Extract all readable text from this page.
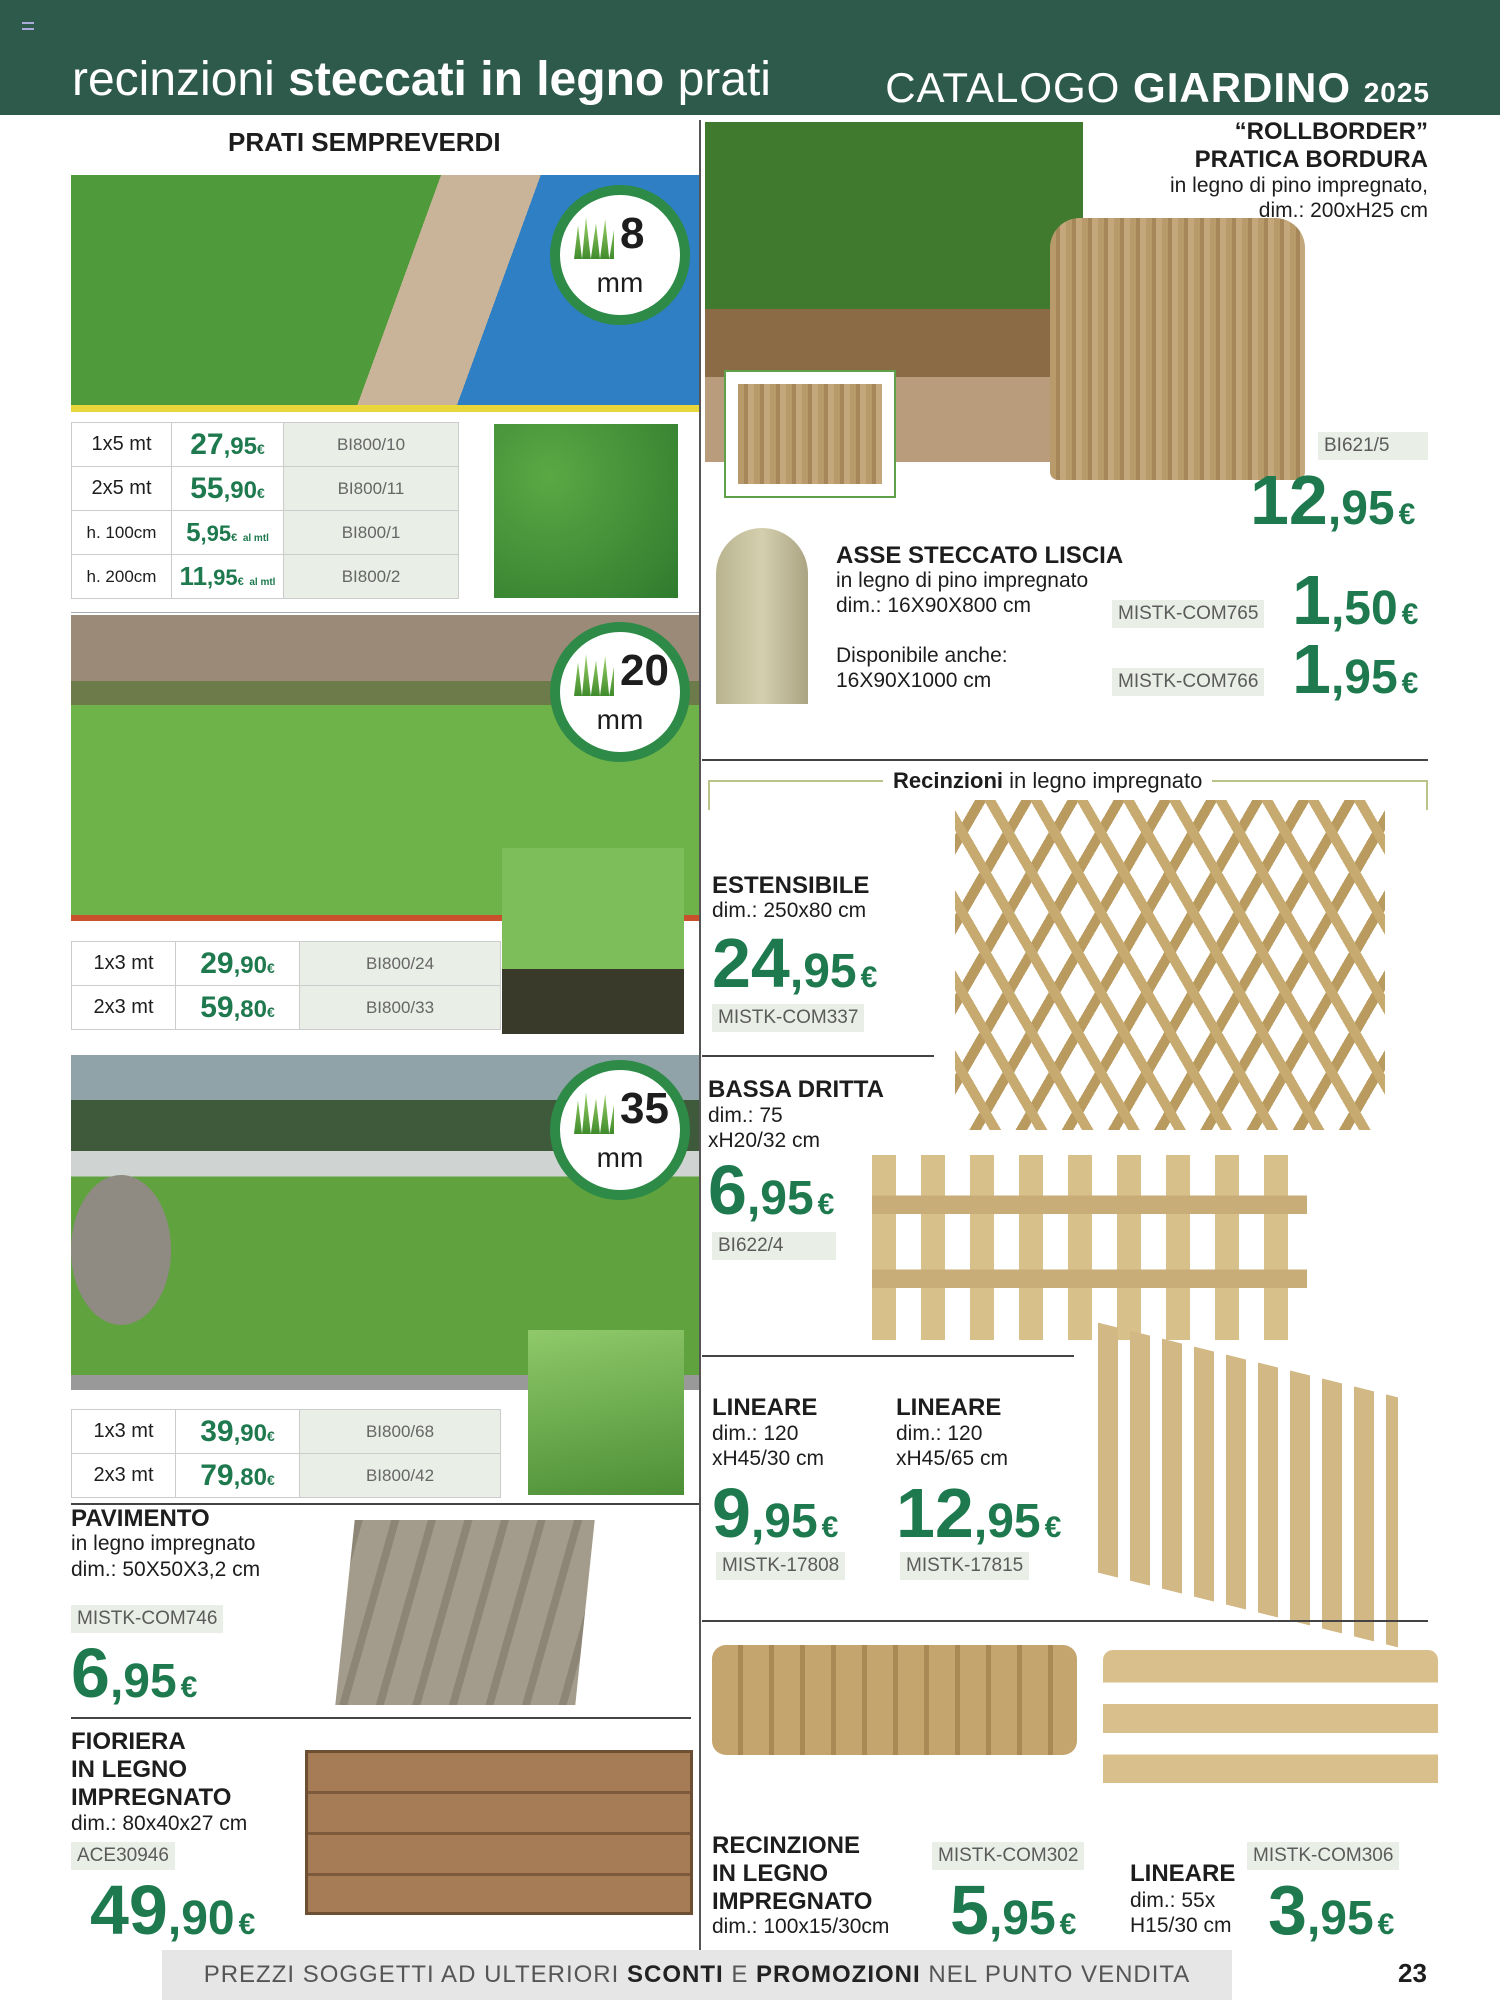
recinzioni steccati in legno prati	CATALOGO GIARDINO 2025
PRATI SEMPREVERDI
8
mm
1x5 mt	27,95€	BI800/10
2x5 mt	55,90€	BI800/11
h. 100cm	5,95€ al mtl	BI800/1
h. 200cm	11,95€ al mtl	BI800/2
20
mm
1x3 mt	29,90€	BI800/24
2x3 mt	59,80€	BI800/33
35
mm
1x3 mt	39,90€	BI800/68
2x3 mt	79,80€	BI800/42
PAVIMENTO
in legno impregnato
dim.: 50X50X3,2 cm
MISTK-COM746
6,95 €
FIORIERA
IN LEGNO
IMPREGNATO
dim.: 80x40x27 cm
ACE30946
49,90 €
“ROLLBORDER”
PRATICA BORDURA
in legno di pino impregnato,
dim.: 200xH25 cm
BI621/5
12,95 €
ASSE STECCATO LISCIA
in legno di pino impregnato
dim.: 16X90X800 cm	MISTK-COM765 1,50 €
Disponibile anche:
16X90X1000 cm	MISTK-COM766 1,95 €
Recinzioni in legno impregnato
ESTENSIBILE
dim.: 250x80 cm
24,95 €
MISTK-COM337
BASSA DRITTA
dim.: 75
xH20/32 cm
6,95 €
BI622/4
LINEARE
dim.: 120
xH45/30 cm
9,95 €
MISTK-17808
LINEARE
dim.: 120
xH45/65 cm
12,95 €
MISTK-17815
RECINZIONE
IN LEGNO
IMPREGNATO
dim.: 100x15/30cm
MISTK-COM302
5,95 €
MISTK-COM306
LINEARE
dim.: 55x
H15/30 cm 3,95 €
PREZZI SOGGETTI AD ULTERIORI SCONTI E PROMOZIONI NEL PUNTO VENDITA	23
